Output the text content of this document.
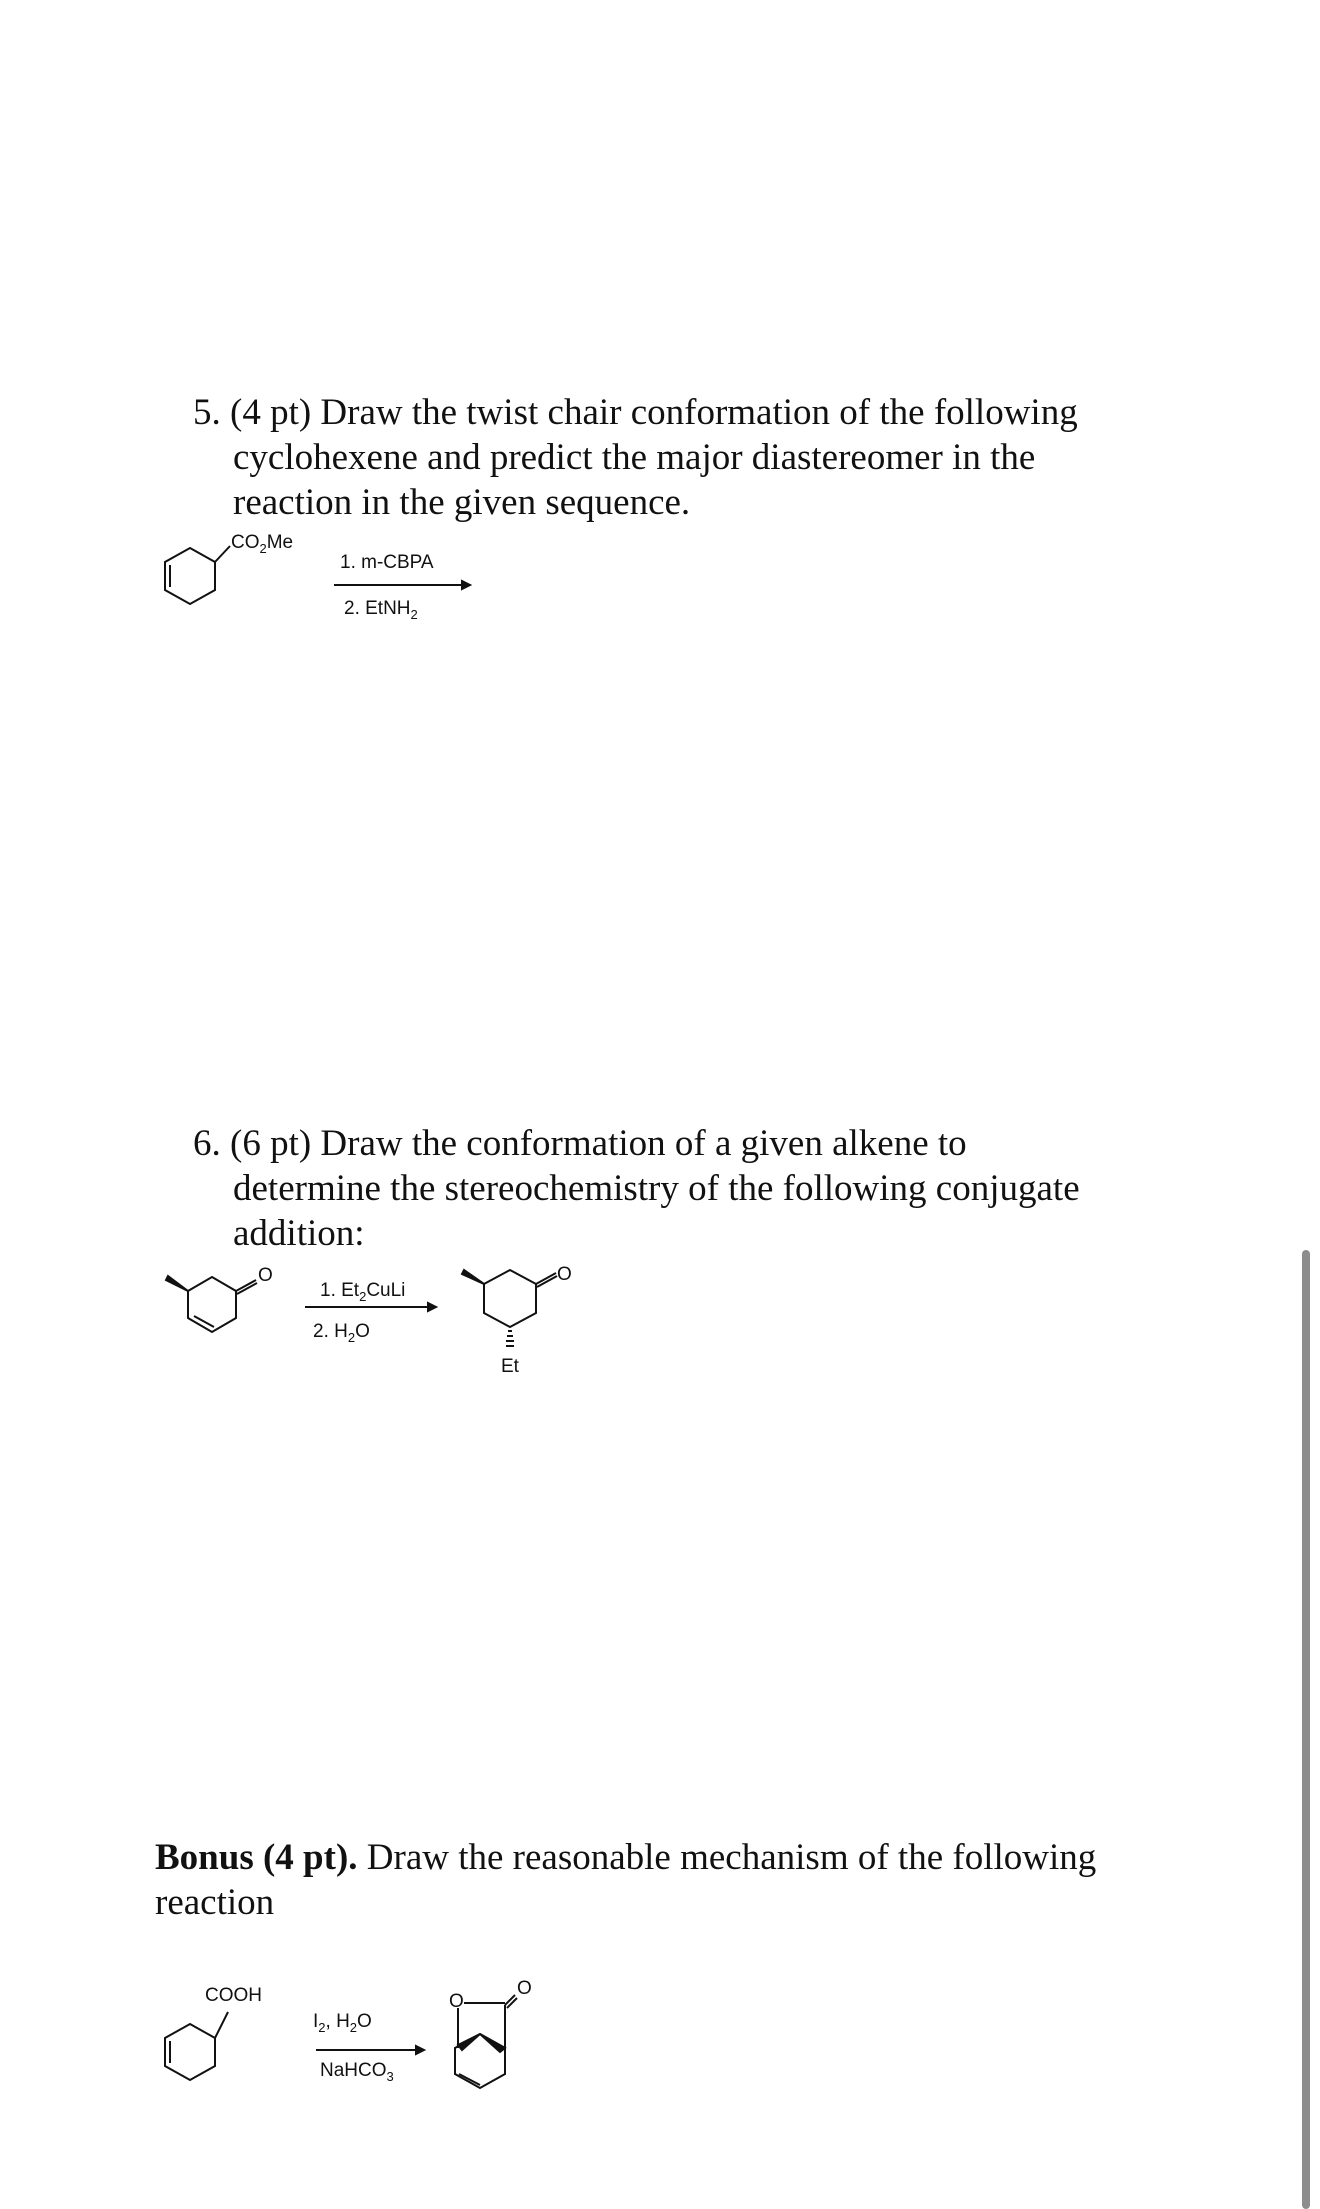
5. (4 pt) Draw the twist chair conformation of the following
cyclohexene and predict the major diastereomer in the
reaction in the given sequence.
6. (6 pt) Draw the conformation of a given alkene to
determine the stereochemistry of the following conjugate
addition:
Bonus (4 pt). Draw the reasonable mechanism of the following reaction
$CO_2Me$
1. m-CBPA
2. EtNH$_2$
O
1. $Et_2CuLi$
2. $H_2O$
O
Et
COOH
$I_2$, $H_2O$
NaHCO$_3$
O
O
